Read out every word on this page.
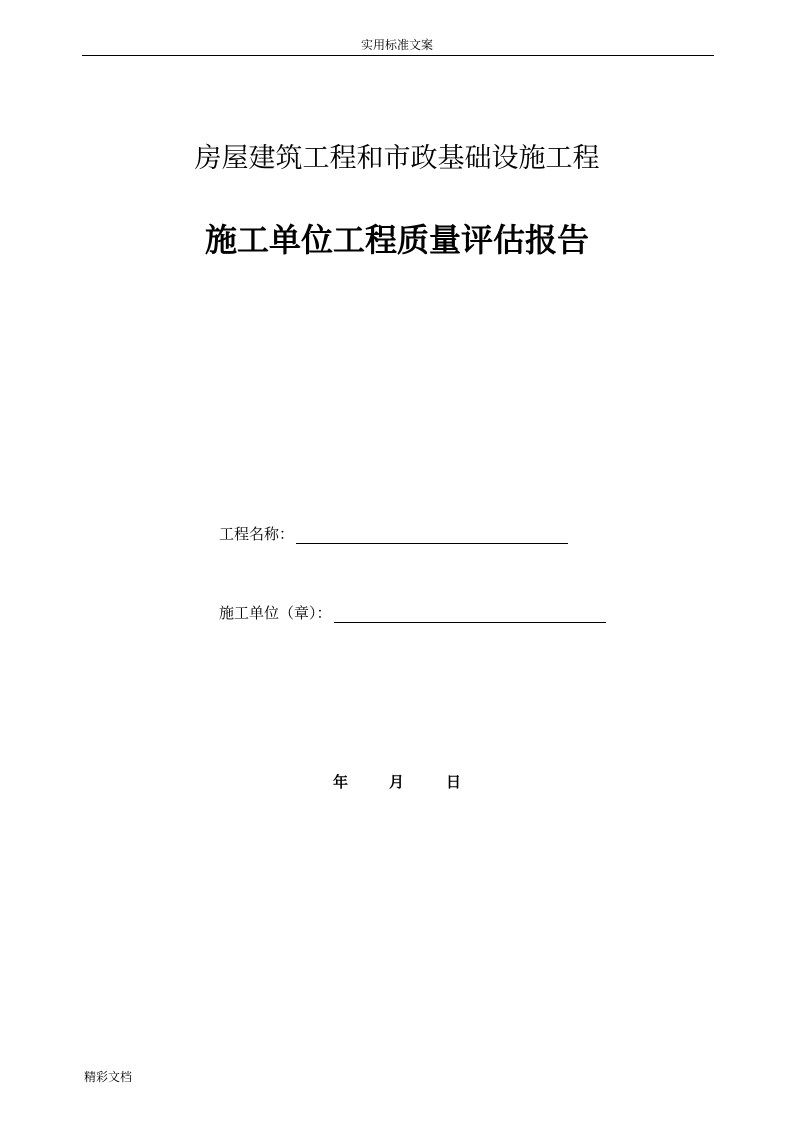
实用标准文案
房屋建筑工程和市政基础设施工程
施工单位工程质量评估报告
工程名称：
施工单位（章）：
年	月	日
精彩文档
